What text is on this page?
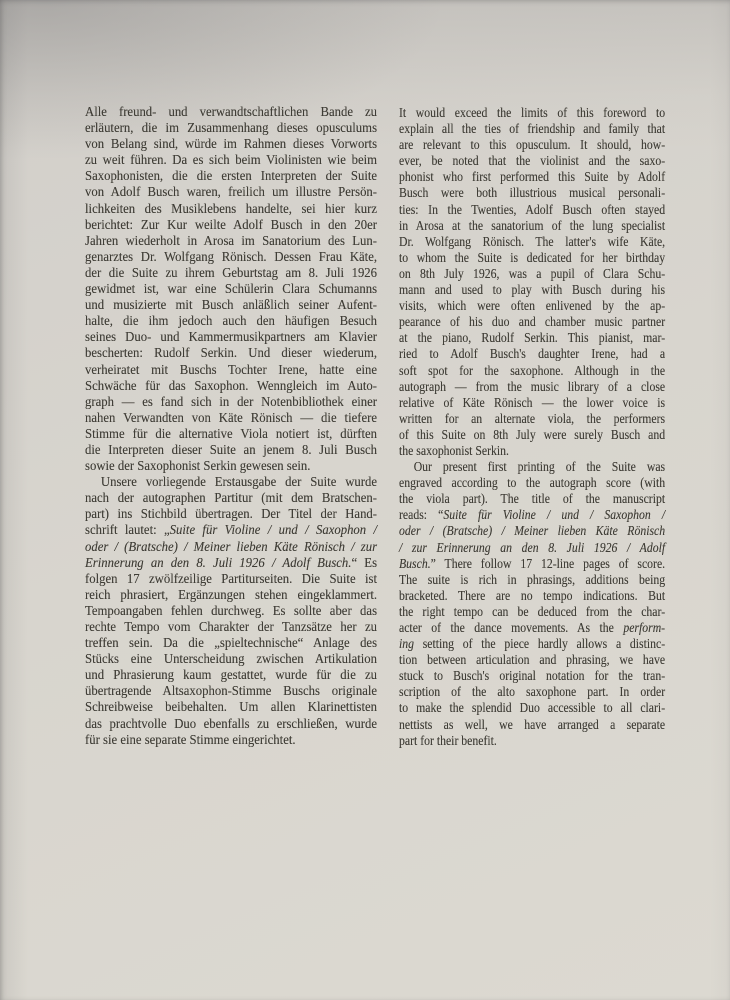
Alle freund- und verwandtschaftlichen Bande zu
erläutern, die im Zusammenhang dieses opusculums
von Belang sind, würde im Rahmen dieses Vorworts
zu weit führen. Da es sich beim Violinisten wie beim
Saxophonisten, die die ersten Interpreten der Suite
von Adolf Busch waren, freilich um illustre Persön-
lichkeiten des Musiklebens handelte, sei hier kurz
berichtet: Zur Kur weilte Adolf Busch in den 20er
Jahren wiederholt in Arosa im Sanatorium des Lun-
genarztes Dr. Wolfgang Rönisch. Dessen Frau Käte,
der die Suite zu ihrem Geburtstag am 8. Juli 1926
gewidmet ist, war eine Schülerin Clara Schumanns
und musizierte mit Busch anläßlich seiner Aufent-
halte, die ihm jedoch auch den häufigen Besuch
seines Duo- und Kammermusikpartners am Klavier
bescherten: Rudolf Serkin. Und dieser wiederum,
verheiratet mit Buschs Tochter Irene, hatte eine
Schwäche für das Saxophon. Wenngleich im Auto-
graph — es fand sich in der Notenbibliothek einer
nahen Verwandten von Käte Rönisch — die tiefere
Stimme für die alternative Viola notiert ist, dürften
die Interpreten dieser Suite an jenem 8. Juli Busch
sowie der Saxophonist Serkin gewesen sein.
Unsere vorliegende Erstausgabe der Suite wurde
nach der autographen Partitur (mit dem Bratschen-
part) ins Stichbild übertragen. Der Titel der Hand-
schrift lautet: „Suite für Violine / und / Saxophon /
oder / (Bratsche) / Meiner lieben Käte Rönisch / zur
Erinnerung an den 8. Juli 1926 / Adolf Busch.“ Es
folgen 17 zwölfzeilige Partiturseiten. Die Suite ist
reich phrasiert, Ergänzungen stehen eingeklammert.
Tempoangaben fehlen durchweg. Es sollte aber das
rechte Tempo vom Charakter der Tanzsätze her zu
treffen sein. Da die „spieltechnische“ Anlage des
Stücks eine Unterscheidung zwischen Artikulation
und Phrasierung kaum gestattet, wurde für die zu
übertragende Altsaxophon-Stimme Buschs originale
Schreibweise beibehalten. Um allen Klarinettisten
das prachtvolle Duo ebenfalls zu erschließen, wurde
für sie eine separate Stimme eingerichtet.
It would exceed the limits of this foreword to
explain all the ties of friendship and family that
are relevant to this opusculum. It should, how-
ever, be noted that the violinist and the saxo-
phonist who first performed this Suite by Adolf
Busch were both illustrious musical personali-
ties: In the Twenties, Adolf Busch often stayed
in Arosa at the sanatorium of the lung specialist
Dr. Wolfgang Rönisch. The latter's wife Käte,
to whom the Suite is dedicated for her birthday
on 8th July 1926, was a pupil of Clara Schu-
mann and used to play with Busch during his
visits, which were often enlivened by the ap-
pearance of his duo and chamber music partner
at the piano, Rudolf Serkin. This pianist, mar-
ried to Adolf Busch's daughter Irene, had a
soft spot for the saxophone. Although in the
autograph — from the music library of a close
relative of Käte Rönisch — the lower voice is
written for an alternate viola, the performers
of this Suite on 8th July were surely Busch and
the saxophonist Serkin.
Our present first printing of the Suite was
engraved according to the autograph score (with
the viola part). The title of the manuscript
reads: “Suite für Violine / und / Saxophon /
oder / (Bratsche) / Meiner lieben Käte Rönisch
/ zur Erinnerung an den 8. Juli 1926 / Adolf
Busch.” There follow 17 12-line pages of score.
The suite is rich in phrasings, additions being
bracketed. There are no tempo indications. But
the right tempo can be deduced from the char-
acter of the dance movements. As the perform-
ing setting of the piece hardly allows a distinc-
tion between articulation and phrasing, we have
stuck to Busch's original notation for the tran-
scription of the alto saxophone part. In order
to make the splendid Duo accessible to all clari-
nettists as well, we have arranged a separate
part for their benefit.
